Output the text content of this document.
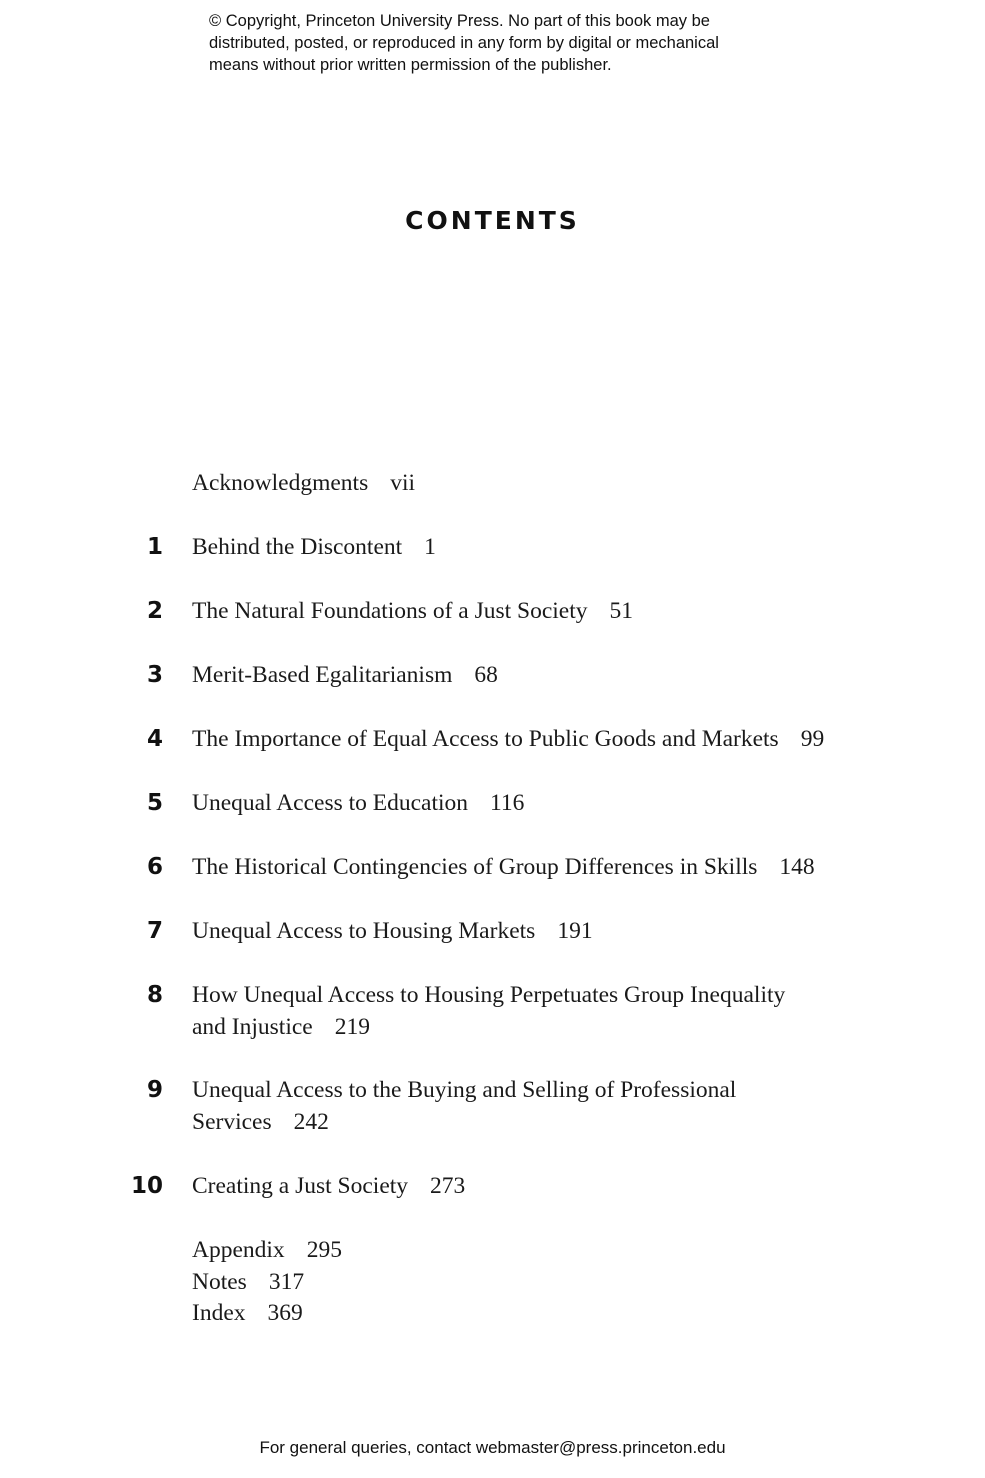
© Copyright, Princeton University Press. No part of this book may be
distributed, posted, or reproduced in any form by digital or mechanical
means without prior written permission of the publisher.
CONTENTS
Acknowledgments vii
1 Behind the Discontent 1
2 The Natural Foundations of a Just Society 51
3 Merit-Based Egalitarianism 68
4 The Importance of Equal Access to Public Goods and Markets 99
5 Unequal Access to Education 116
6 The Historical Contingencies of Group Differences in Skills 148
7 Unequal Access to Housing Markets 191
8 How Unequal Access to Housing Perpetuates Group Inequality
and Injustice 219
9 Unequal Access to the Buying and Selling of Professional
Services 242
10 Creating a Just Society 273
Appendix 295
Notes 317
Index 369
For general queries, contact webmaster@press.princeton.edu
